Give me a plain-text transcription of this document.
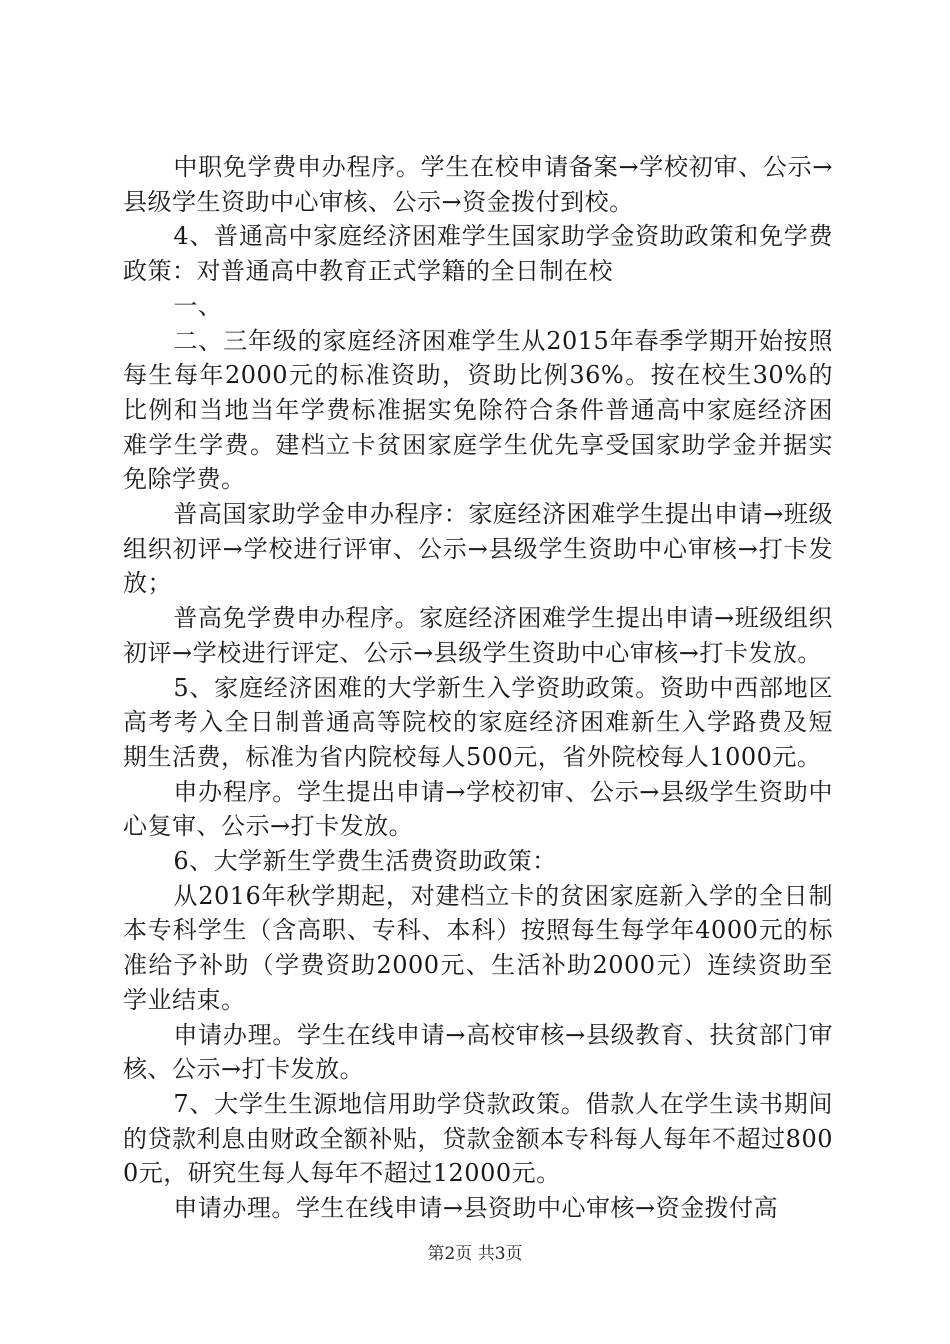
中职免学费申办程序。学生在校申请备案→学校初审、公示→县级学生资助中心审核、公示→资金拨付到校。

4、普通高中家庭经济困难学生国家助学金资助政策和免学费政策：对普通高中教育正式学籍的全日制在校

一、

二、三年级的家庭经济困难学生从2015年春季学期开始按照每生每年2000元的标准资助，资助比例36%。按在校生30%的比例和当地当年学费标准据实免除符合条件普通高中家庭经济困难学生学费。建档立卡贫困家庭学生优先享受国家助学金并据实免除学费。

普高国家助学金申办程序：家庭经济困难学生提出申请→班级组织初评→学校进行评审、公示→县级学生资助中心审核→打卡发放；

普高免学费申办程序。家庭经济困难学生提出申请→班级组织初评→学校进行评定、公示→县级学生资助中心审核→打卡发放。

5、家庭经济困难的大学新生入学资助政策。资助中西部地区高考考入全日制普通高等院校的家庭经济困难新生入学路费及短期生活费，标准为省内院校每人500元，省外院校每人1000元。

申办程序。学生提出申请→学校初审、公示→县级学生资助中心复审、公示→打卡发放。

6、大学新生学费生活费资助政策：

从2016年秋学期起，对建档立卡的贫困家庭新入学的全日制本专科学生（含高职、专科、本科）按照每生每学年4000元的标准给予补助（学费资助2000元、生活补助2000元）连续资助至学业结束。

申请办理。学生在线申请→高校审核→县级教育、扶贫部门审核、公示→打卡发放。

7、大学生生源地信用助学贷款政策。借款人在学生读书期间的贷款利息由财政全额补贴，贷款金额本专科每人每年不超过8000元，研究生每人每年不超过12000元。

申请办理。学生在线申请→县资助中心审核→资金拨付高

第2页 共3页
